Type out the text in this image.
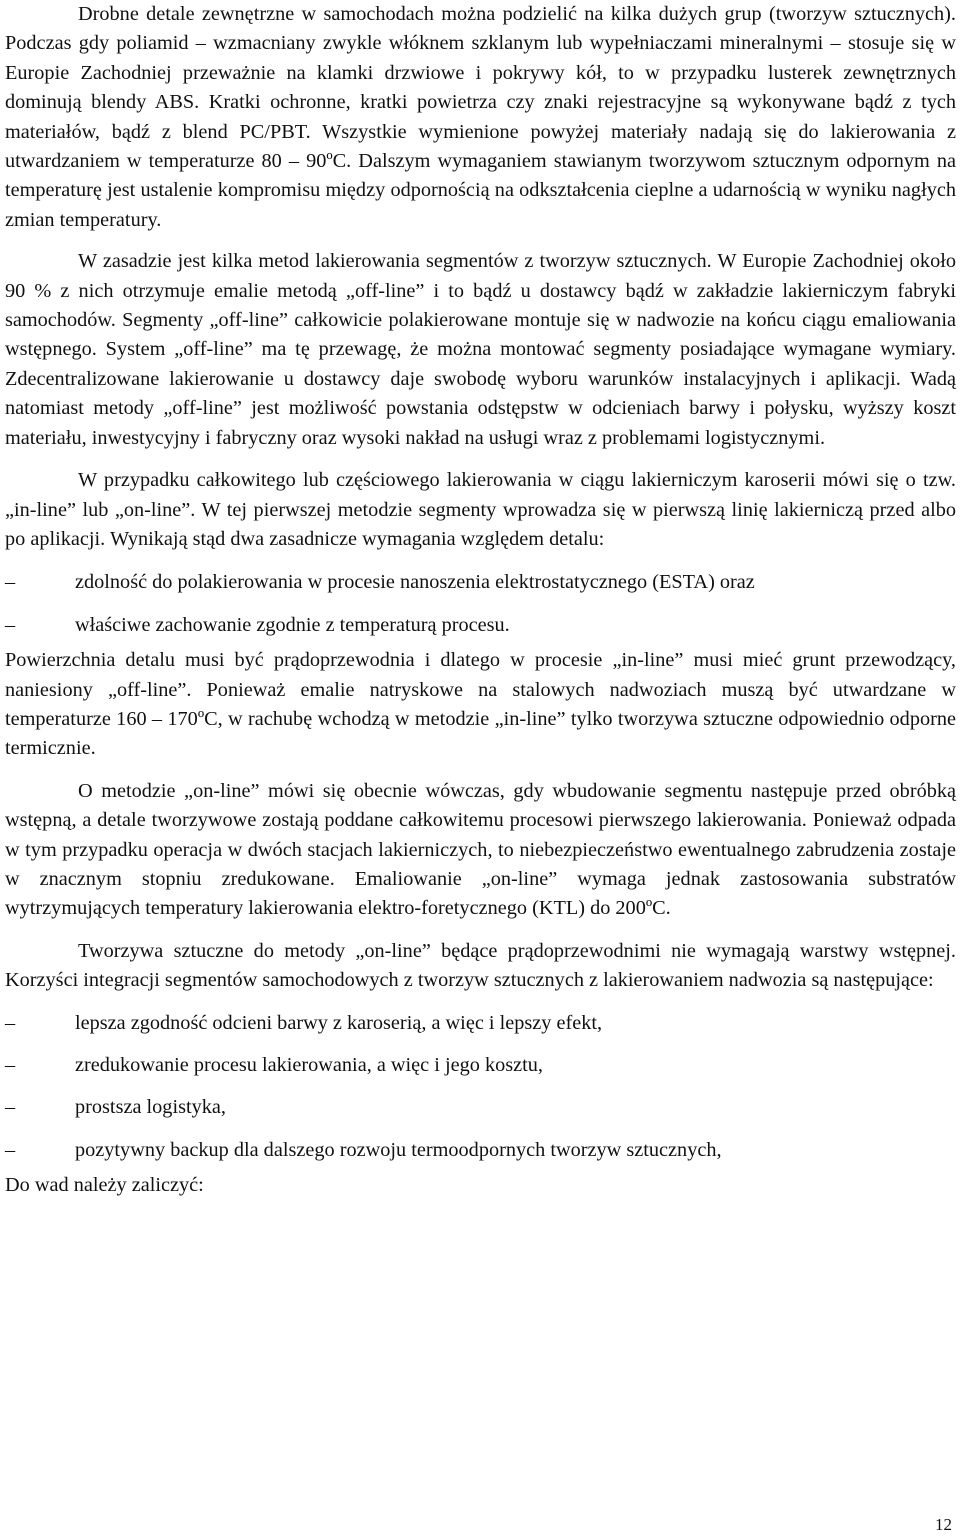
Drobne detale zewnętrzne w samochodach można podzielić na kilka dużych grup (tworzyw sztucznych). Podczas gdy poliamid – wzmacniany zwykle włóknem szklanym lub wypełniaczami mineralnymi – stosuje się w Europie Zachodniej przeważnie na klamki drzwiowe i pokrywy kół, to w przypadku lusterek zewnętrznych dominują blendy ABS. Kratki ochronne, kratki powietrza czy znaki rejestracyjne są wykonywane bądź z tych materiałów, bądź z blend PC/PBT. Wszystkie wymienione powyżej materiały nadają się do lakierowania z utwardzaniem w temperaturze 80 – 90ºC. Dalszym wymaganiem stawianym tworzywom sztucznym odpornym na temperaturę jest ustalenie kompromisu między odpornością na odkształcenia cieplne a udarnością w wyniku nagłych zmian temperatury.

W zasadzie jest kilka metod lakierowania segmentów z tworzyw sztucznych. W Europie Zachodniej około 90 % z nich otrzymuje emalie metodą „off-line” i to bądź u dostawcy bądź w zakładzie lakierniczym fabryki samochodów. Segmenty „off-line” całkowicie polakierowane montuje się w nadwozie na końcu ciągu emaliowania wstępnego. System „off-line” ma tę przewagę, że można montować segmenty posiadające wymagane wymiary. Zdecentralizowane lakierowanie u dostawcy daje swobodę wyboru warunków instalacyjnych i aplikacji. Wadą natomiast metody „off-line” jest możliwość powstania odstępstw w odcieniach barwy i połysku, wyższy koszt materiału, inwestycyjny i fabryczny oraz wysoki nakład na usługi wraz z problemami logistycznymi.

W przypadku całkowitego lub częściowego lakierowania w ciągu lakierniczym karoserii mówi się o tzw. „in-line” lub „on-line”. W tej pierwszej metodzie segmenty wprowadza się w pierwszą linię lakierniczą przed albo po aplikacji. Wynikają stąd dwa zasadnicze wymagania względem detalu:

–	zdolność do polakierowania w procesie nanoszenia elektrostatycznego (ESTA) oraz
–	właściwe zachowanie zgodnie z temperaturą procesu.

Powierzchnia detalu musi być prądoprzewodnia i dlatego w procesie „in-line” musi mieć grunt przewodzący, naniesiony „off-line”. Ponieważ emalie natryskowe na stalowych nadwoziach muszą być utwardzane w temperaturze 160 – 170ºC, w rachubę wchodzą w metodzie „in-line” tylko tworzywa sztuczne odpowiednio odporne termicznie.

O metodzie „on-line” mówi się obecnie wówczas, gdy wbudowanie segmentu następuje przed obróbką wstępną, a detale tworzywowe zostają poddane całkowitemu procesowi pierwszego lakierowania. Ponieważ odpada w tym przypadku operacja w dwóch stacjach lakierniczych, to niebezpieczeństwo ewentualnego zabrudzenia zostaje w znacznym stopniu zredukowane. Emaliowanie „on-line” wymaga jednak zastosowania substratów wytrzymujących temperatury lakierowania elektro-foretycznego (KTL) do 200ºC.

Tworzywa sztuczne do metody „on-line” będące prądoprzewodnimi nie wymagają warstwy wstępnej. Korzyści integracji segmentów samochodowych z tworzyw sztucznych z lakierowaniem nadwozia są następujące:

–	lepsza zgodność odcieni barwy z karoserią, a więc i lepszy efekt,
–	zredukowanie procesu lakierowania, a więc i jego kosztu,
–	prostsza logistyka,
–	pozytywny backup dla dalszego rozwoju termoodpornych tworzyw sztucznych,

Do wad należy zaliczyć:

12
